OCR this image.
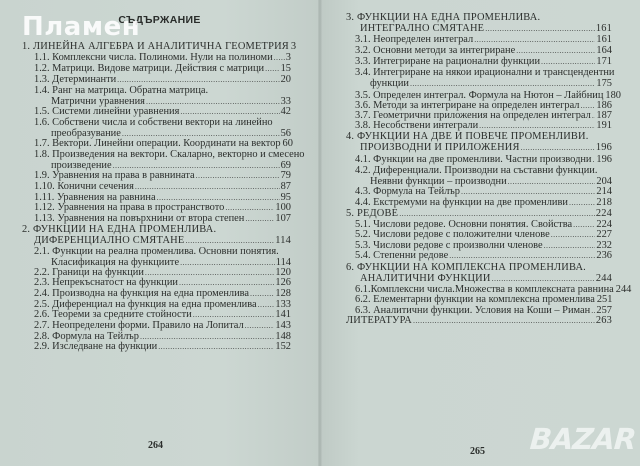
СЪДЪРЖАНИЕ
1. ЛИНЕЙНА АЛГЕБРА И АНАЛИТИЧНА ГЕОМЕТРИЯ 3
1.1. Комплексни числа. Полиноми. Нули на полиноми ..... 3
1.2. Матрици. Видове матрици. Действия с матрици ..... 15
1.3. Детерминанти .....	20
1.4. Ранг на матрица. Обратна матрица.
Матрични уравнения .....	33
1.5. Системи линейни уравнения .....	42
1.6. Собствени числа и собствени вектори на линейно
преобразувание .....	56
1.7. Вектори. Линейни операции. Координати на вектор 60
1.8. Произведения на вектори. Скаларно, векторно и смесено
произведение .....	69
1.9. Уравнения на права в равнината .....	79
1.10. Конични сечения .....	87
1.11. Уравнения на равнина .....	95
1.12. Уравнения на права в пространството .....	100
1.13. Уравнения на повърхнини от втора степен .....	107
2. ФУНКЦИИ НА ЕДНА ПРОМЕНЛИВА.
ДИФЕРЕНЦИАЛНО СМЯТАНЕ .....	114
2.1. Функции на реална променлива. Основни понятия.
Класификация на функциите .....	114
2.2. Граници на функции .....	120
2.3. Непрекъснатост на функции .....	126
2.4. Производна на функция на една променлива .....	128
2.5. Диференциал на функция на една променлива ..... 133
2.6. Теореми за средните стойности .....	141
2.7. Неопределени форми. Правило на Лопитал .....	143
2.8. Формула на Тейлър .....	148
2.9. Изследване на функции .....	152
3. ФУНКЦИИ НА ЕДНА ПРОМЕНЛИВА.
ИНТЕГРАЛНО СМЯТАНЕ .....	161
3.1. Неопределен интеграл .....	161
3.2. Основни методи за интегриране .....	164
3.3. Интегриране на рационални функции .....	171
3.4. Интегриране на някои ирационални и трансцендентни
функции .....	175
3.5. Определен интеграл. Формула на Нютон – Лайбниц 180
3.6. Методи за интегриране на определен интеграл ..... 186
3.7. Геометрични приложения на определен интеграл ..... 187
3.8. Несобствени интеграли .....	191
4. ФУНКЦИИ НА ДВЕ И ПОВЕЧЕ ПРОМЕНЛИВИ.
ПРОИЗВОДНИ И ПРИЛОЖЕНИЯ .....	196
4.1. Функции на две променливи. Частни производни ..... 196
4.2. Диференциали. Производни на съставни функции.
Неявни функции – производни .....	204
4.3. Формула на Тейлър .....	214
4.4. Екстремуми на функции на две променливи .....	218
5. РЕДОВЕ .....	224
5.1. Числови редове. Основни понятия. Свойства ..... 224
5.2. Числови редове с положителни членове .....	227
5.3. Числови редове с произволни членове .....	232
5.4. Степенни редове .....	236
6. ФУНКЦИИ НА КОМПЛЕКСНА ПРОМЕНЛИВА.
АНАЛИТИЧНИ ФУНКЦИИ .....	244
6.1.Комплексни числа.Множества в комплексната равнина 244
6.2. Елементарни функции на комплексна променлива 251
6.3. Аналитични функции. Условия на Коши – Риман ..... 257
ЛИТЕРАТУРА .....	263
264
265
Пламен
BAZAR
